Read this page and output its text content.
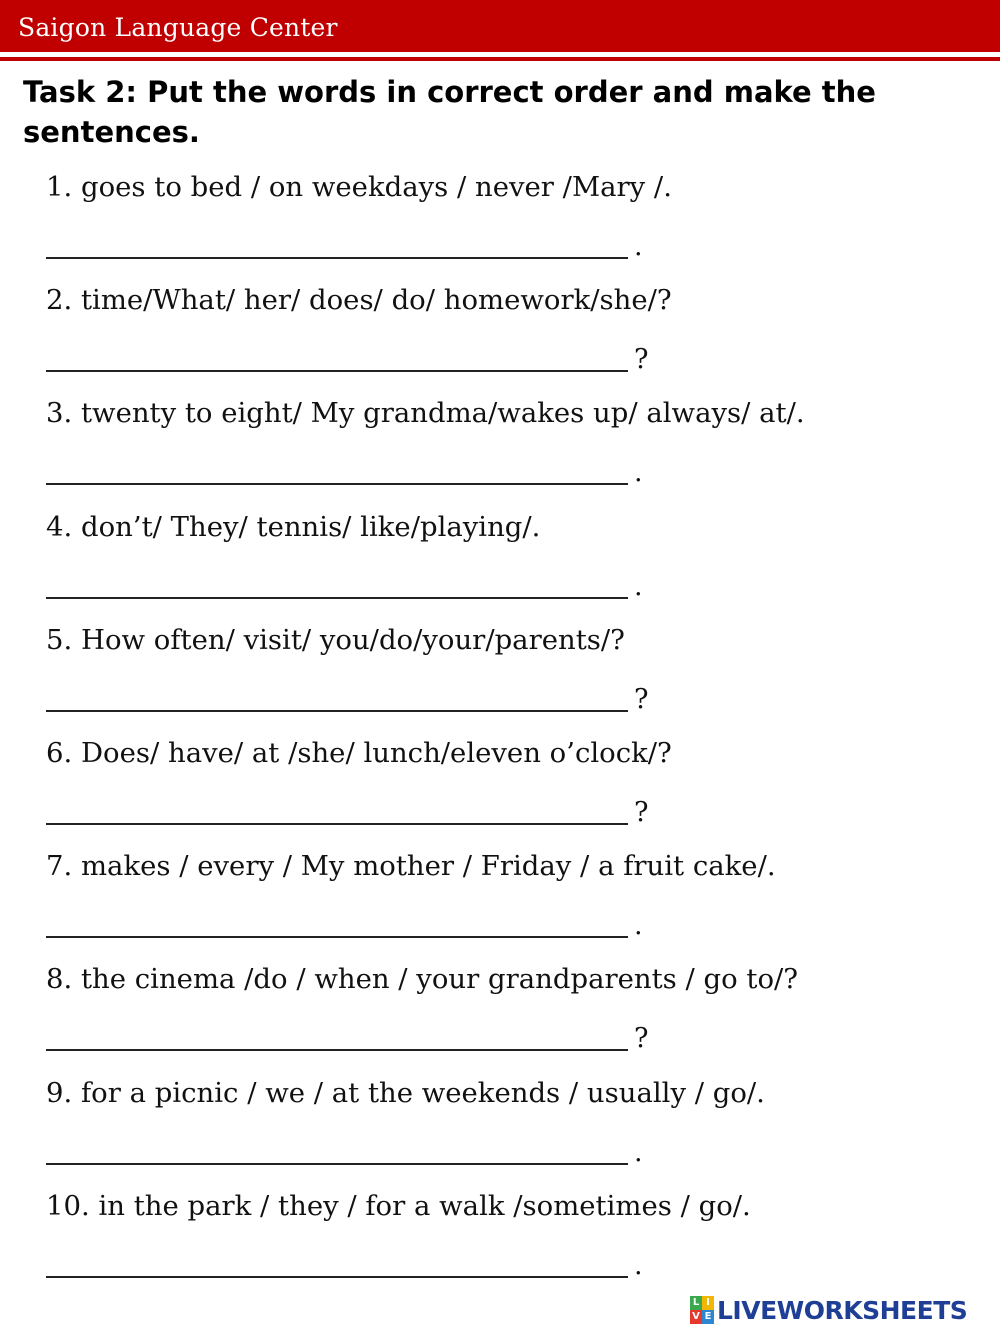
Saigon Language Center
Task 2: Put the words in correct order and make the sentences.
1. goes to bed / on weekdays / never /Mary /.
.
2. time/What/ her/ does/ do/ homework/she/?
?
3. twenty to eight/ My grandma/wakes up/ always/ at/.
.
4. don’t/ They/ tennis/ like/playing/.
.
5. How often/ visit/ you/do/your/parents/?
?
6. Does/ have/ at /she/ lunch/eleven o’clock/?
?
7. makes / every / My mother / Friday / a fruit cake/.
.
8. the cinema /do / when / your grandparents / go to/?
?
9. for a picnic / we / at the weekends / usually / go/.
.
10. in the park / they / for a walk /sometimes / go/.
.
L I
V E LIVEWORKSHEETS
